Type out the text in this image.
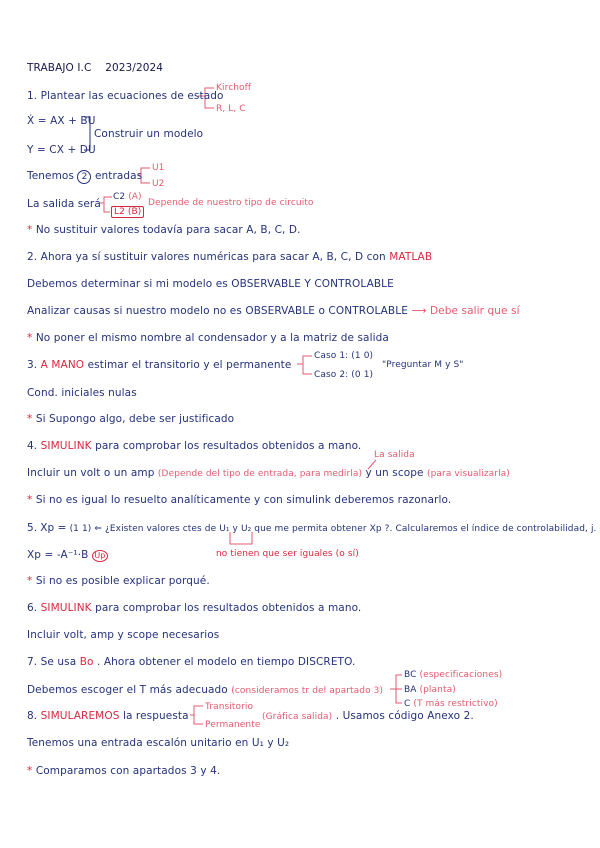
TRABAJO I.C 2023/2024
1. Plantear las ecuaciones de estado
Kirchoff
R, L, C
Ẋ = AX + BU
Y = CX + DU
Construir un modelo
Tenemos 2 entradas
U1
U2
La salida será
C2 (A)
L2 (B)
Depende de nuestro tipo de circuito
* No sustituir valores todavía para sacar A, B, C, D.
2. Ahora ya sí sustituir valores numéricas para sacar A, B, C, D con MATLAB
Debemos determinar si mi modelo es OBSERVABLE Y CONTROLABLE
Analizar causas si nuestro modelo no es OBSERVABLE o CONTROLABLE ⟶ Debe salir que sí
* No poner el mismo nombre al condensador y a la matriz de salida
3. A MANO estimar el transitorio y el permanente
Caso 1: (1 0)
Caso 2: (0 1)
"Preguntar M y S"
Cond. iniciales nulas
* Si Supongo algo, debe ser justificado
4. SIMULINK para comprobar los resultados obtenidos a mano.
La salida
Incluir un volt o un amp (Depende del tipo de entrada, para medirla) y un scope (para visualizarla)
* Si no es igual lo resuelto analíticamente y con simulink deberemos razonarlo.
5. Xp = (1 1) ⇐ ¿Existen valores ctes de U₁ y U₂ que me permita obtener Xp ?. Calcularemos el índice de controlabilidad, j.
Xp = -A⁻¹·B Up	no tienen que ser iguales (o sí)
* Si no es posible explicar porqué.
6. SIMULINK para comprobar los resultados obtenidos a mano.
Incluir volt, amp y scope necesarios
7. Se usa Bo . Ahora obtener el modelo en tiempo DISCRETO.
Debemos escoger el T más adecuado (consideramos tr del apartado 3)
BC (especificaciones)
BA (planta)
C (T más restrictivo)
8. SIMULAREMOS la respuesta
Transitorio
Permanente
(Gráfica salida) . Usamos código Anexo 2.
Tenemos una entrada escalón unitario en U₁ y U₂
* Comparamos con apartados 3 y 4.
